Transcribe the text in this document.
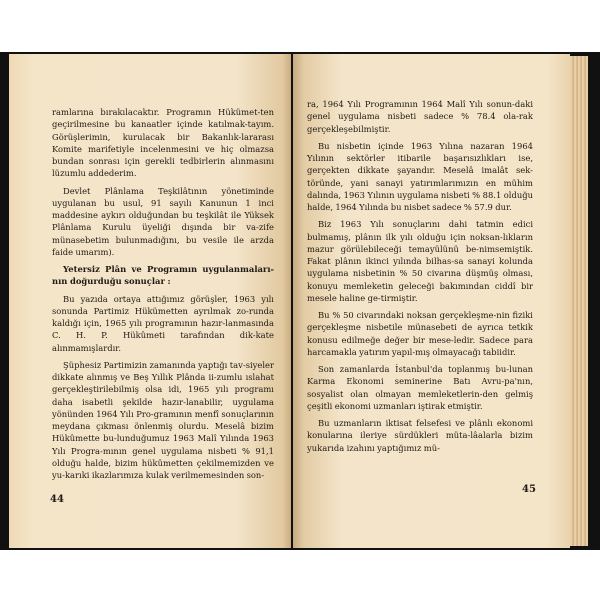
ramlarına bırakılacaktır. Programın Hükümet-ten geçirilmesine bu kanaatler içinde katılmak-tayım. Görüşlerimin, kurulacak bir Bakanlık-lararası Komite marifetiyle incelenmesini ve hiç olmazsa bundan sonrası için gerekli tedbirlerin alınmasını lüzumlu addederim.

Devlet Plânlama Teşkilâtının yönetiminde uygulanan bu usul, 91 sayılı Kanunun 1 inci maddesine aykırı olduğundan bu teşkilât ile Yüksek Plânlama Kurulu üyeliği dışında bir va-zife münasebetim bulunmadığını, bu vesile ile arzda faide umarım).

Yetersiz Plân ve Programın uygulanmaları-nın doğurduğu sonuçlar :

Bu yazıda ortaya attığımız görüşler, 1963 yılı sonunda Partimiz Hükümetten ayrılmak zo-runda kaldığı için, 1965 yılı programının hazır-lanmasında C. H. P. Hükûmeti tarafından dik-kate alınmamışlardır.

Şüphesiz Partimizin zamanında yaptığı tav-siyeler dikkate alınmış ve Beş Yıllık Plânda ii-zumlu ıslahat gerçekleştirilebilmiş olsa idi, 1965 yılı programı daha isabetli şekilde hazır-lanabilir, uygulama yönünden 1964 Yılı Pro-gramının menfî sonuçlarının meydana çıkması önlenmiş olurdu. Meselâ bizim Hükûmette bu-lunduğumuz 1963 Malî Yılında 1963 Yılı Progra-mının genel uygulama nisbeti % 91,1 olduğu halde, bizim hükûmetten çekilmemizden ve yu-karıki ikazlarımıza kulak verilmemesinden son-

44

ra, 1964 Yılı Programının 1964 Malî Yılı sonun-daki genel uygulama nisbeti sadece % 78.4 ola-rak gerçekleşebilmiştir.

Bu nisbetin içinde 1963 Yılına nazaran 1964 Yılının sektörler itibarile başarısızlıkları ise, gerçekten dikkate şayandır. Meselâ imalât sek-töründe, yani sanayi yatırımlarımızın en mühim dalında, 1963 Yılının uygulama nisbeti % 88.1 olduğu halde, 1964 Yılında bu nisbet sadece % 57.9 dur.

Biz 1963 Yılı sonuçlarını dahi tatmin edici bulmamış, plânın ilk yılı olduğu için noksan-lıkların mazur görülebileceği temayülünü be-nimsemiştik. Fakat plânın ikinci yılında bilhas-sa sanayi kolunda uygulama nisbetinin % 50 civarına düşmüş olması, konuyu memleketin geleceği bakımından ciddî bir mesele haline ge-tirmiştir.

Bu % 50 civarındaki noksan gerçekleşme-nin fiziki gerçekleşme nisbetile münasebeti de ayrıca tetkik konusu edilmeğe değer bir mese-ledir. Sadece para harcamakla yatırım yapıl-mış olmayacağı tabiidir.

Son zamanlarda İstanbul'da toplanmış bu-lunan Karma Ekonomi seminerine Batı Avru-pa'nın, sosyalist olan olmayan memleketlerin-den gelmiş çeşitli ekonomi uzmanları iştirak etmiştir.

Bu uzmanların iktisat felsefesi ve plânlı ekonomi konularına ileriye sürdükleri müta-lâalarla bizim yukarıda izahını yaptığımız mü-

45
